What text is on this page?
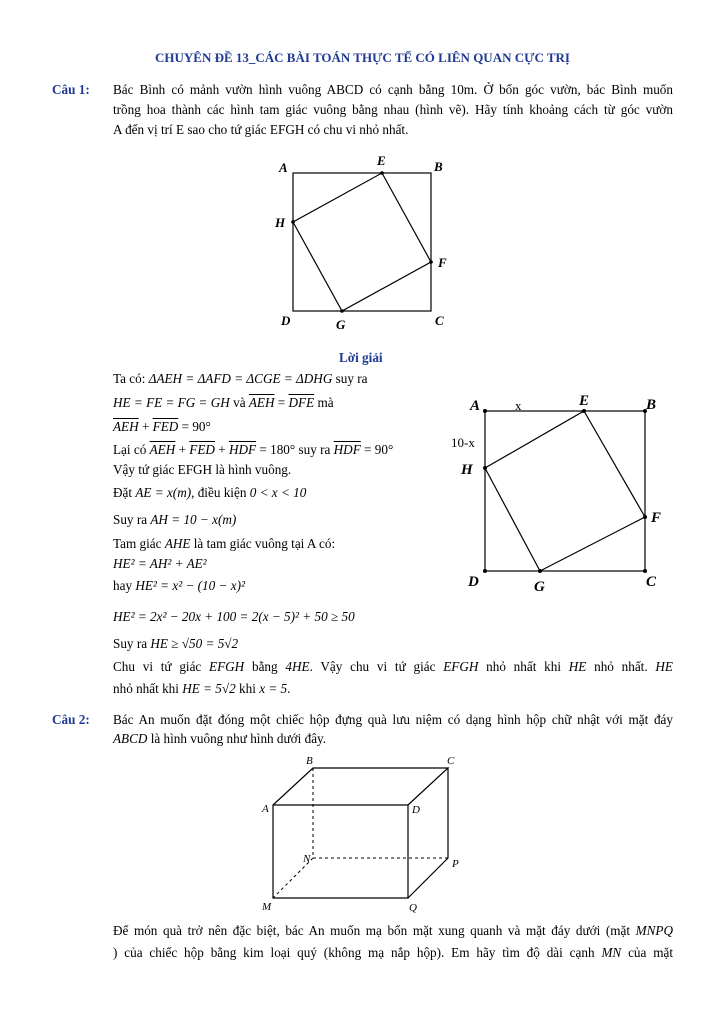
CHUYÊN ĐỀ 13_CÁC BÀI TOÁN THỰC TẾ CÓ LIÊN QUAN CỰC TRỊ
Câu 1: Bác Bình có mảnh vườn hình vuông ABCD có cạnh bằng 10m. Ở bốn góc vườn, bác Bình muốn
trồng hoa thành các hình tam giác vuông bằng nhau (hình vẽ). Hãy tính khoảng cách từ góc vườn
A đến vị trí E sao cho tứ giác EFGH có chu vi nhỏ nhất.
A	E	B
H
F
D	G	C
Lời giải
Ta có: ΔAEH = ΔAFD = ΔCGE = ΔDHG suy ra
HE = FE = FG = GH và $\overline{AEH} = \overline{DFE}$ mà
$\overline{AEH} + \overline{FED} = 90^\circ$
Lại có $\overline{AEH} + \overline{FED} + \overline{HDF} = 180^\circ$ suy ra $\overline{HDF} = 90^\circ$
Vậy tứ giác EFGH là hình vuông.
Đặt AE = x(m), điều kiện 0 < x < 10
Suy ra AH = 10 − x(m)
Tam giác AHE là tam giác vuông tại A có:
HE² = AH² + AE²
hay HE² = x² − (10 − x)²
HE² = 2x² − 20x + 100 = 2(x − 5)² + 50 ≥ 50
Suy ra HE ≥ √50 = 5√2
Chu vi tứ giác EFGH bằng 4HE. Vậy chu vi tứ giác EFGH nhỏ nhất khi HE nhỏ nhất. HE
nhỏ nhất khi HE = 5√2 khi x = 5.
A	x	E	B
10-x
H
F
D	G	C
Câu 2: Bác An muốn đặt đóng một chiếc hộp đựng quà lưu niệm có dạng hình hộp chữ nhật với mặt đáy
ABCD là hình vuông như hình dưới đây.
B	C
A	D
N	P
M	Q
Để món quà trở nên đặc biệt, bác An muốn mạ bốn mặt xung quanh và mặt đáy dưới (mặt MNPQ
) của chiếc hộp bằng kim loại quý (không mạ nắp hộp). Em hãy tìm độ dài cạnh MN của mặt
